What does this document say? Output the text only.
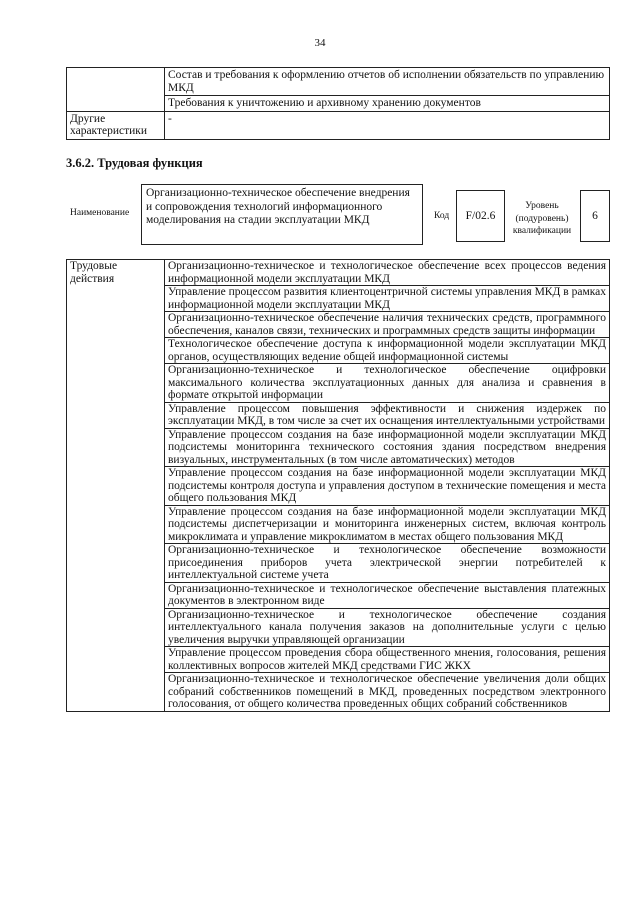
34
	Состав и требования к оформлению отчетов об исполнении обязательств по управлению МКД
	Требования к уничтожению и архивному хранению документов
Другие характеристики	-
3.6.2. Трудовая функция
Наименование
Организационно-техническое обеспечение внедрения и сопровождения технологий информационного моделирования на стадии эксплуатации МКД	Код	F/02.6
Уровень (подуровень) квалификации
6
Трудовые действия	Организационно-техническое и технологическое обеспечение всех процессов ведения информационной модели эксплуатации МКД
Управление процессом развития клиентоцентричной системы управления МКД в рамках информационной модели эксплуатации МКД
Организационно-техническое обеспечение наличия технических средств, программного обеспечения, каналов связи, технических и программных средств защиты информации
Технологическое обеспечение доступа к информационной модели эксплуатации МКД органов, осуществляющих ведение общей информационной системы
Организационно-техническое и технологическое обеспечение оцифровки максимального количества эксплуатационных данных для анализа и сравнения в формате открытой информации
Управление процессом повышения эффективности и снижения издержек по эксплуатации МКД, в том числе за счет их оснащения интеллектуальными устройствами
Управление процессом создания на базе информационной модели эксплуатации МКД подсистемы мониторинга технического состояния здания посредством внедрения визуальных, инструментальных (в том числе автоматических) методов
Управление процессом создания на базе информационной модели эксплуатации МКД подсистемы контроля доступа и управления доступом в технические помещения и места общего пользования МКД
Управление процессом создания на базе информационной модели эксплуатации МКД подсистемы диспетчеризации и мониторинга инженерных систем, включая контроль микроклимата и управление микроклиматом в местах общего пользования МКД
Организационно-техническое и технологическое обеспечение возможности присоединения приборов учета электрической энергии потребителей к интеллектуальной системе учета
Организационно-техническое и технологическое обеспечение выставления платежных документов в электронном виде
Организационно-техническое и технологическое обеспечение создания интеллектуального канала получения заказов на дополнительные услуги с целью увеличения выручки управляющей организации
Управление процессом проведения сбора общественного мнения, голосования, решения коллективных вопросов жителей МКД средствами ГИС ЖКХ
Организационно-техническое и технологическое обеспечение увеличения доли общих собраний собственников помещений в МКД, проведенных посредством электронного голосования, от общего количества проведенных общих собраний собственников
